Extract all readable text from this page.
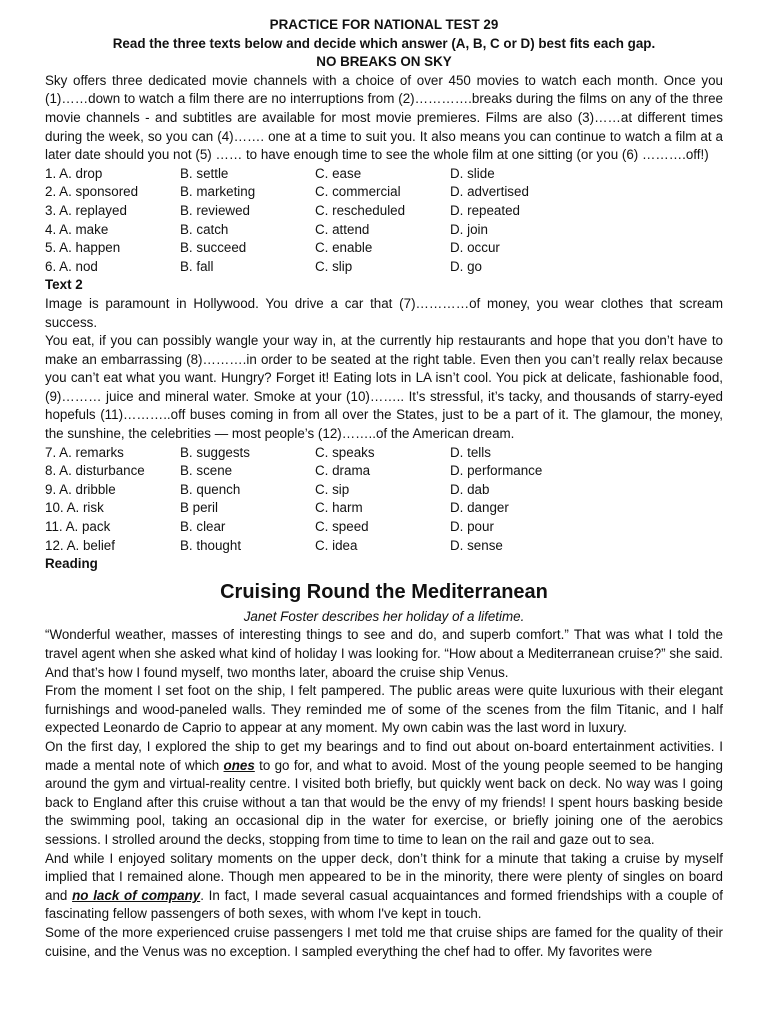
PRACTICE FOR NATIONAL TEST 29
Read the three texts below and decide which answer (A, B, C or D) best fits each gap.
NO BREAKS ON SKY

Sky offers three dedicated movie channels with a choice of over 450 movies to watch each month. Once you (1)……down to watch a film there are no interruptions from (2)………….breaks during the films on any of the three movie channels - and subtitles are available for most movie premieres. Films are also (3)……at different times during the week, so you can (4)……. one at a time to suit you. It also means you can continue to watch a film at a later date should you not (5) …… to have enough time to see the whole film at one sitting (or you (6) ……….off!)

1. A. drop	B. settle	C. ease	D. slide
2. A. sponsored	B. marketing	C. commercial	D. advertised
3. A. replayed	B. reviewed	C. rescheduled	D. repeated
4. A. make	B. catch	C. attend	D. join
5. A. happen	B. succeed	C. enable	D. occur
6. A. nod	B. fall	C. slip	D. go
Text 2

Image is paramount in Hollywood. You drive a car that (7)…………of money, you wear clothes that scream success.

You eat, if you can possibly wangle your way in, at the currently hip restaurants and hope that you don’t have to make an embarrassing (8)……….in order to be seated at the right table. Even then you can’t really relax because you can’t eat what you want. Hungry? Forget it! Eating lots in LA isn’t cool. You pick at delicate, fashionable food, (9)……… juice and mineral water. Smoke at your (10)…….. It’s stressful, it’s tacky, and thousands of starry-eyed hopefuls (11)………..off buses coming in from all over the States, just to be a part of it. The glamour, the money, the sunshine, the celebrities — most people’s (12)……..of the American dream.

7. A. remarks	B. suggests	C. speaks	D. tells
8. A. disturbance	B. scene	C. drama	D. performance
9. A. dribble	B. quench	C. sip	D. dab
10. A. risk	B peril	C. harm	D. danger
11. A. pack	B. clear	C. speed	D. pour
12. A. belief	B. thought	C. idea	D. sense
Reading
Cruising Round the Mediterranean
Janet Foster describes her holiday of a lifetime.

“Wonderful weather, masses of interesting things to see and do, and superb comfort.” That was what I told the travel agent when she asked what kind of holiday I was looking for. “How about a Mediterranean cruise?” she said. And that’s how I found myself, two months later, aboard the cruise ship Venus.

From the moment I set foot on the ship, I felt pampered. The public areas were quite luxurious with their elegant furnishings and wood-paneled walls. They reminded me of some of the scenes from the film Titanic, and I half expected Leonardo de Caprio to appear at any moment. My own cabin was the last word in luxury.

On the first day, I explored the ship to get my bearings and to find out about on-board entertainment activities. I made a mental note of which ones to go for, and what to avoid. Most of the young people seemed to be hanging around the gym and virtual-reality centre. I visited both briefly, but quickly went back on deck. No way was I going back to England after this cruise without a tan that would be the envy of my friends! I spent hours basking beside the swimming pool, taking an occasional dip in the water for exercise, or briefly joining one of the aerobics sessions. I strolled around the decks, stopping from time to time to lean on the rail and gaze out to sea.

And while I enjoyed solitary moments on the upper deck, don’t think for a minute that taking a cruise by myself implied that I remained alone. Though men appeared to be in the minority, there were plenty of singles on board and no lack of company. In fact, I made several casual acquaintances and formed friendships with a couple of fascinating fellow passengers of both sexes, with whom I've kept in touch.

Some of the more experienced cruise passengers I met told me that cruise ships are famed for the quality of their cuisine, and the Venus was no exception. I sampled everything the chef had to offer. My favorites were
